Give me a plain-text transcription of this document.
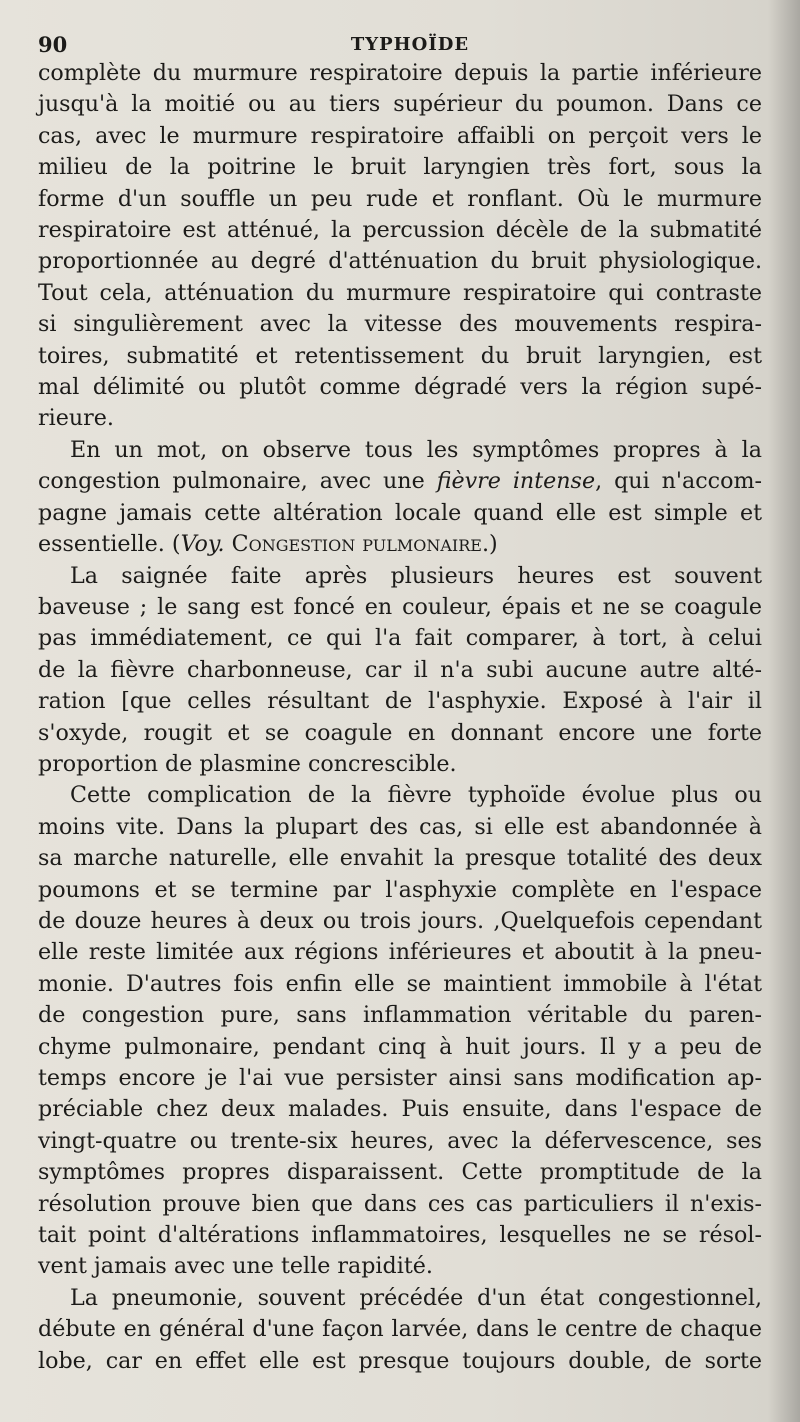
90	TYPHOÏDE
complète du murmure respiratoire depuis la partie inférieure
jusqu'à la moitié ou au tiers supérieur du poumon. Dans ce
cas, avec le murmure respiratoire affaibli on perçoit vers le
milieu de la poitrine le bruit laryngien très fort, sous la
forme d'un souffle un peu rude et ronflant. Où le murmure
respiratoire est atténué, la percussion décèle de la submatité
proportionnée au degré d'atténuation du bruit physiologique.
Tout cela, atténuation du murmure respiratoire qui contraste
si singulièrement avec la vitesse des mouvements respira-
toires, submatité et retentissement du bruit laryngien, est
mal délimité ou plutôt comme dégradé vers la région supé-
rieure.
En un mot, on observe tous les symptômes propres à la
congestion pulmonaire, avec une fièvre intense, qui n'accom-
pagne jamais cette altération locale quand elle est simple et
essentielle. (Voy. Congestion pulmonaire.)
La saignée faite après plusieurs heures est souvent
baveuse ; le sang est foncé en couleur, épais et ne se coagule
pas immédiatement, ce qui l'a fait comparer, à tort, à celui
de la fièvre charbonneuse, car il n'a subi aucune autre alté-
ration [que celles résultant de l'asphyxie. Exposé à l'air il
s'oxyde, rougit et se coagule en donnant encore une forte
proportion de plasmine concrescible.
Cette complication de la fièvre typhoïde évolue plus ou
moins vite. Dans la plupart des cas, si elle est abandonnée à
sa marche naturelle, elle envahit la presque totalité des deux
poumons et se termine par l'asphyxie complète en l'espace
de douze heures à deux ou trois jours. ,Quelquefois cependant
elle reste limitée aux régions inférieures et aboutit à la pneu-
monie. D'autres fois enfin elle se maintient immobile à l'état
de congestion pure, sans inflammation véritable du paren-
chyme pulmonaire, pendant cinq à huit jours. Il y a peu de
temps encore je l'ai vue persister ainsi sans modification ap-
préciable chez deux malades. Puis ensuite, dans l'espace de
vingt-quatre ou trente-six heures, avec la défervescence, ses
symptômes propres disparaissent. Cette promptitude de la
résolution prouve bien que dans ces cas particuliers il n'exis-
tait point d'altérations inflammatoires, lesquelles ne se résol-
vent jamais avec une telle rapidité.
La pneumonie, souvent précédée d'un état congestionnel,
débute en général d'une façon larvée, dans le centre de chaque
lobe, car en effet elle est presque toujours double, de sorte
